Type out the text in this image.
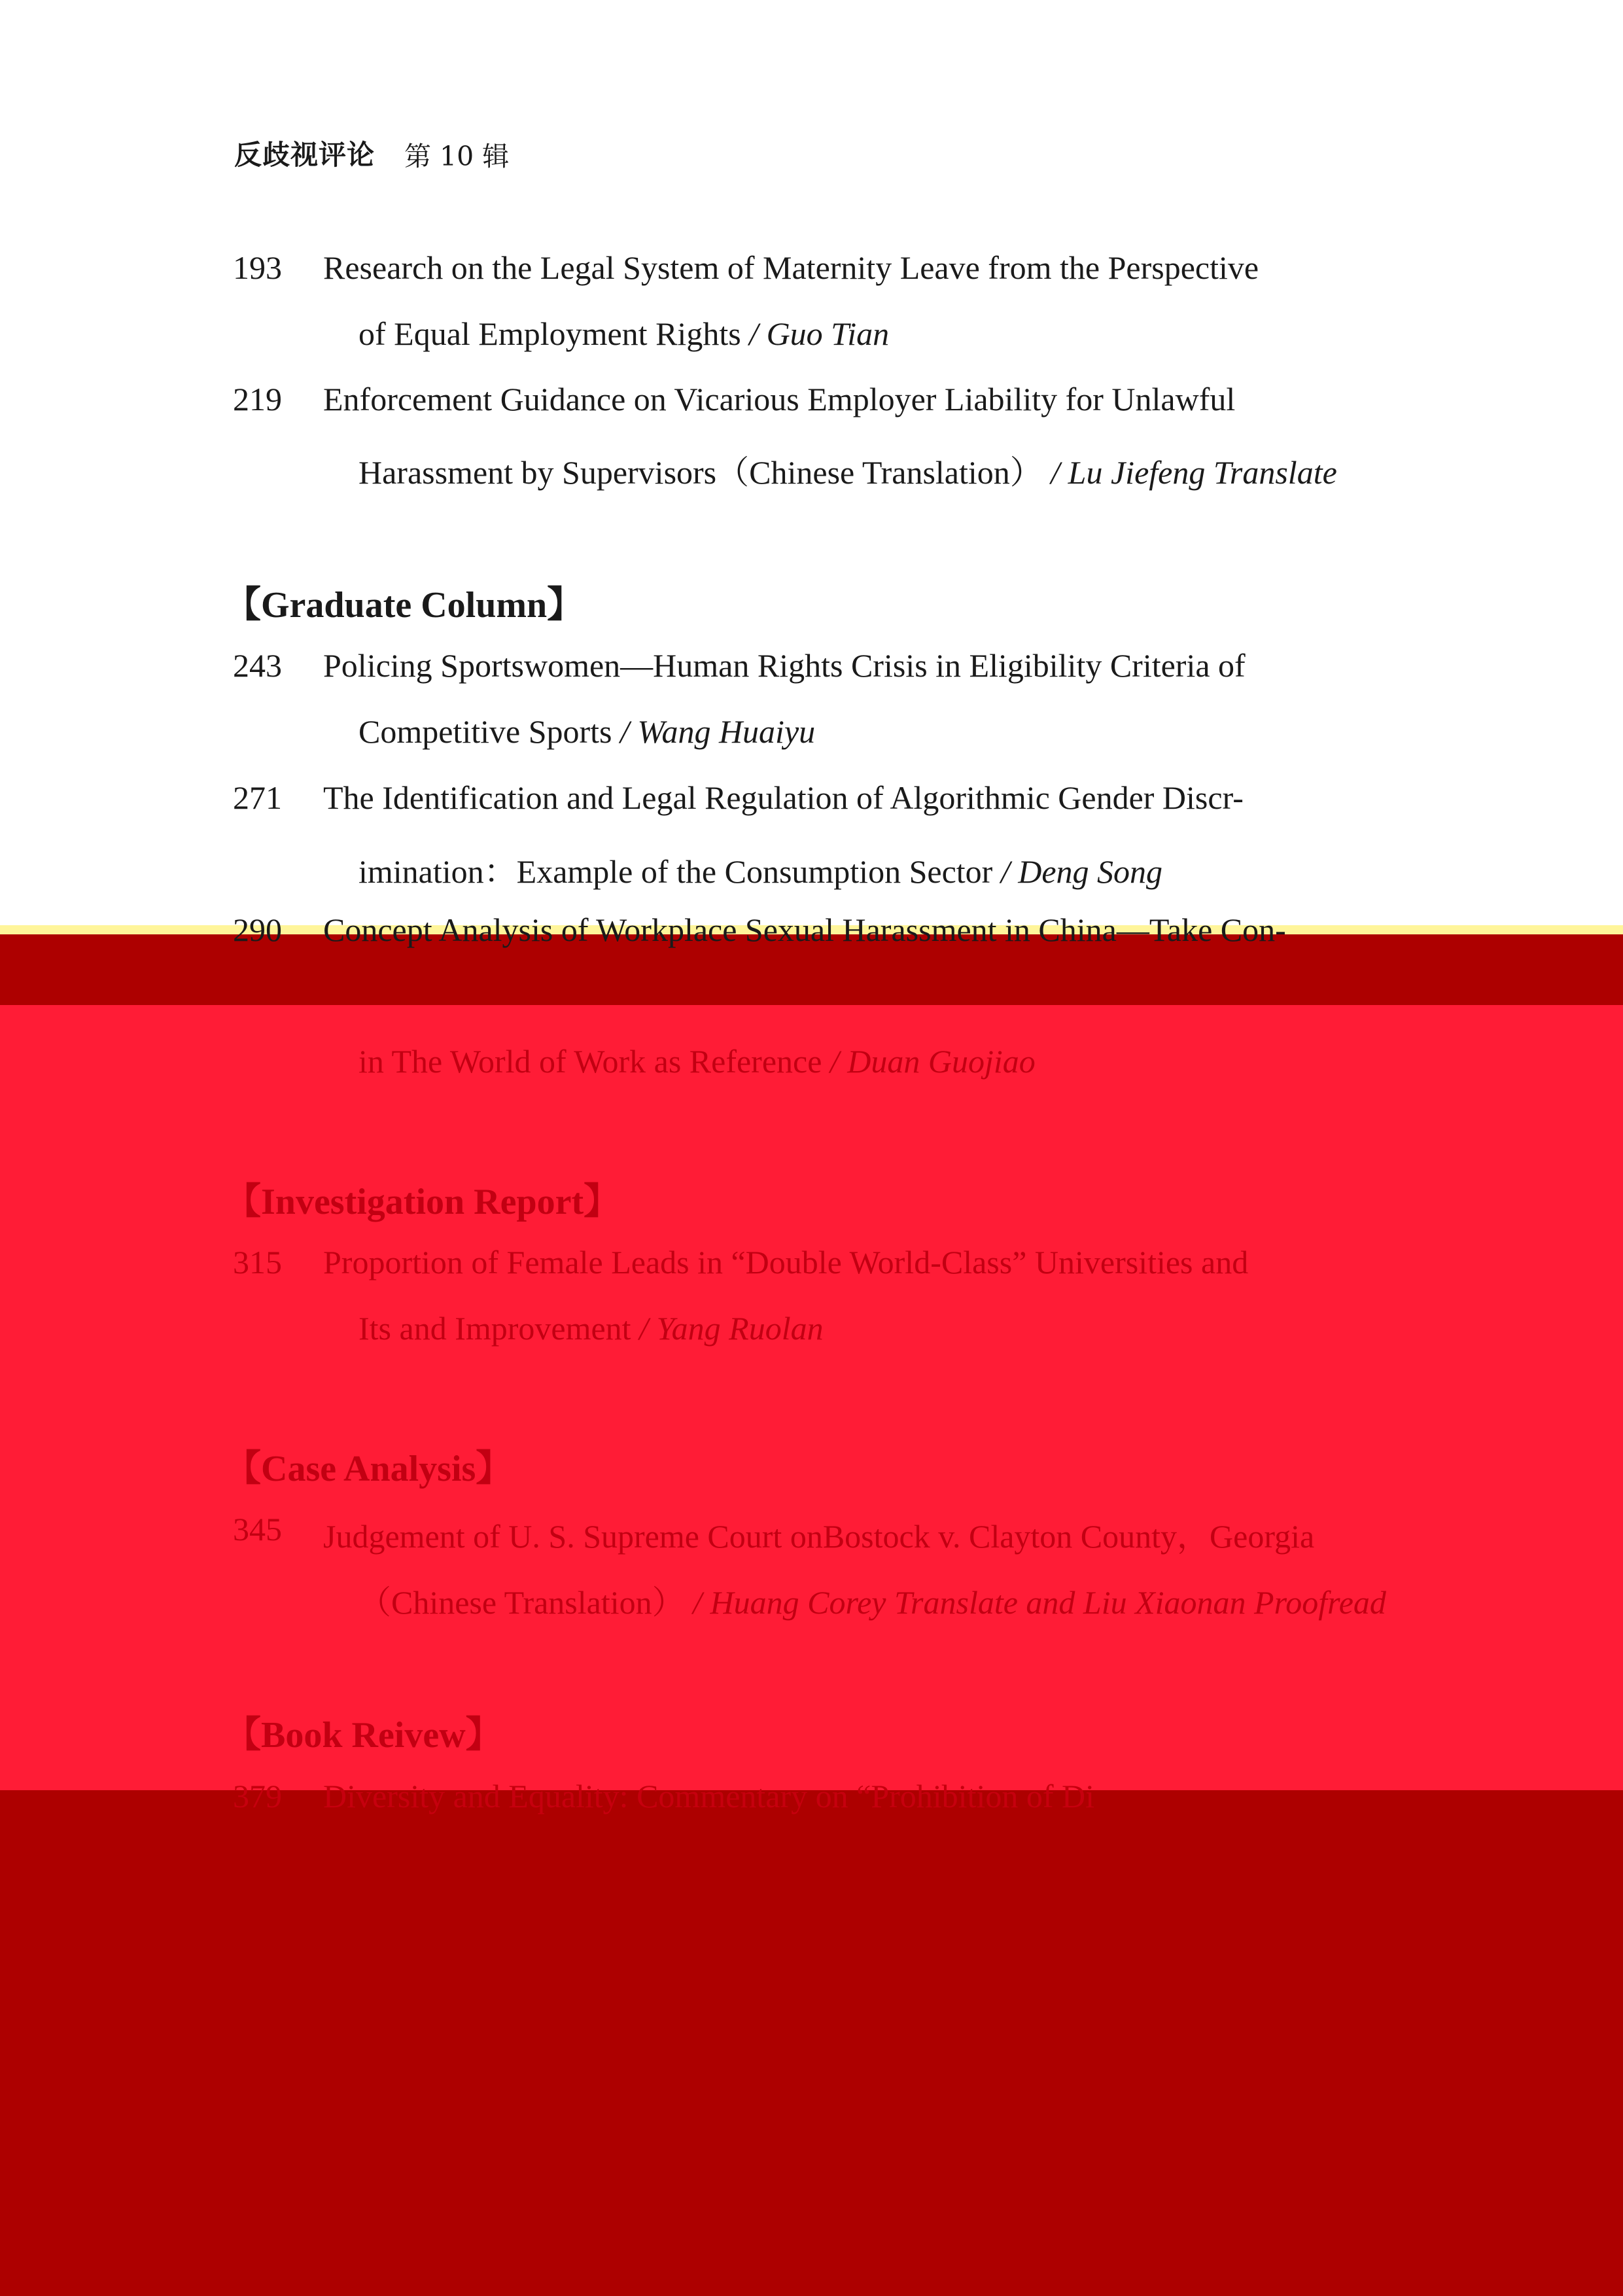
反歧视评论 第 10 辑
193 Research on the Legal System of Maternity Leave from the Perspective
of Equal Employment Rights / Guo Tian
219 Enforcement Guidance on Vicarious Employer Liability for Unlawful
Harassment by Supervisors（Chinese Translation） / Lu Jiefeng Translate
【Graduate Column】
243 Policing Sportswomen—Human Rights Crisis in Eligibility Criteria of
Competitive Sports / Wang Huaiyu
271 The Identification and Legal Regulation of Algorithmic Gender Discr-
imination：Example of the Consumption Sector / Deng Song
290 Concept Analysis of Workplace Sexual Harassment in China—Take Con-
in The World of Work as Reference / Duan Guojiao
【Investigation Report】
315 Proportion of Female Leads in “Double World-Class” Universities and
Its and Improvement / Yang Ruolan
【Case Analysis】
345 Judgement of U. S. Supreme Court onBostock v. Clayton County，Georgia
（Chinese Translation） / Huang Corey Translate and Liu Xiaonan Proofread
【Book Reivew】
379 Diversity and Equality: Commentary on “Prohibition of Di
